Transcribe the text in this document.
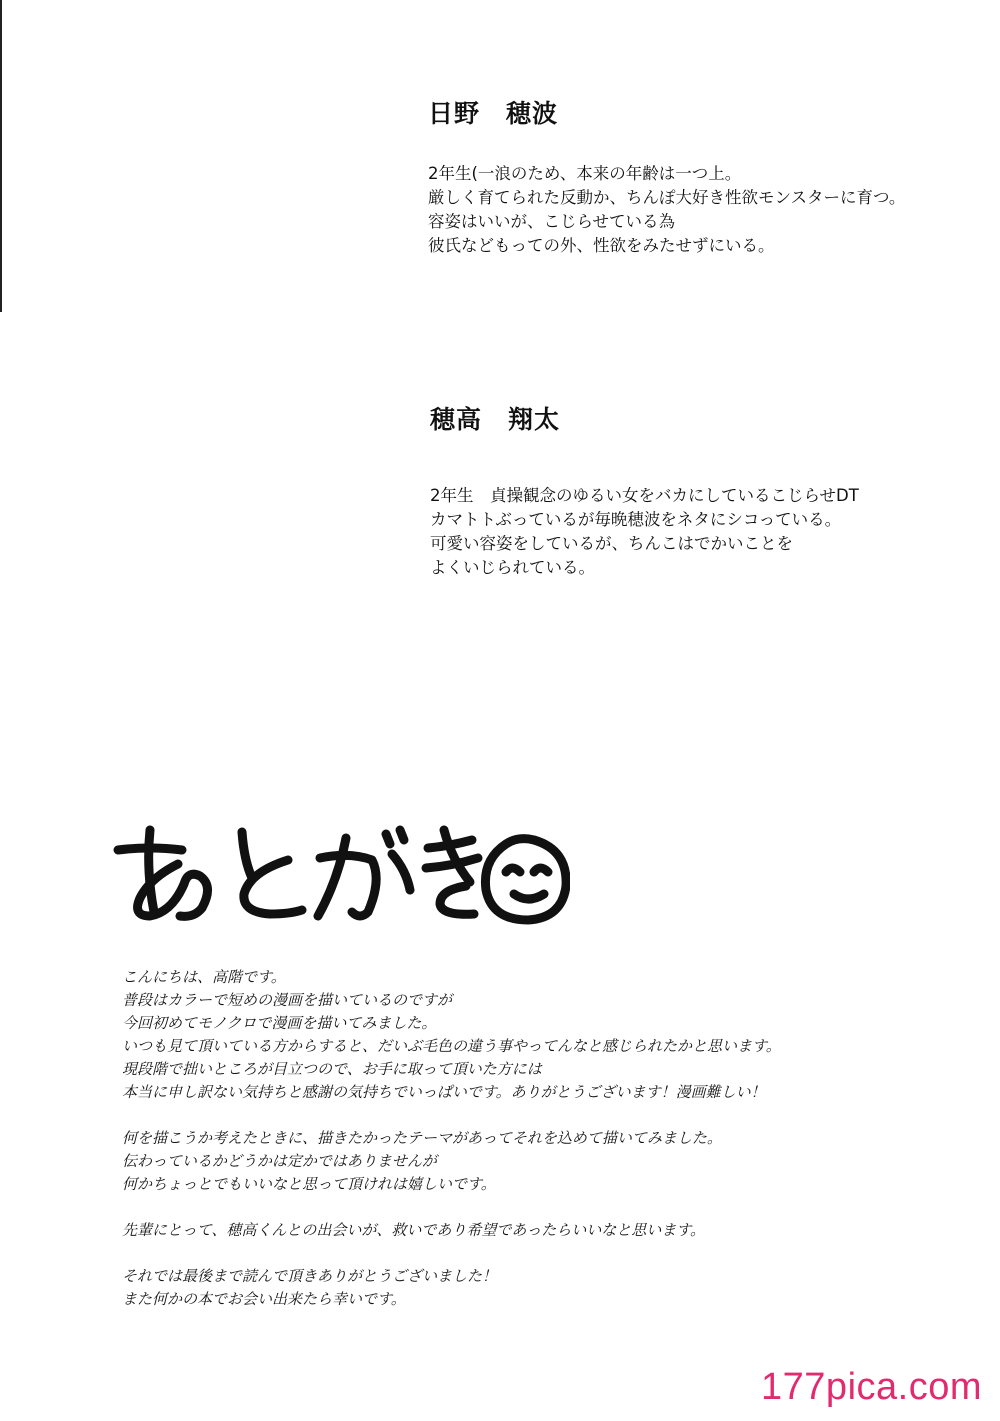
日野　穂波
2年生(一浪のため、本来の年齢は一つ上。
厳しく育てられた反動か、ちんぽ大好き性欲モンスターに育つ。
容姿はいいが、こじらせている為
彼氏などもっての外、性欲をみたせずにいる。
穂高　翔太
2年生　貞操観念のゆるい女をバカにしているこじらせDT
カマトトぶっているが毎晩穂波をネタにシコっている。
可愛い容姿をしているが、ちんこはでかいことを
よくいじられている。
こんにちは、高階です。
普段はカラーで短めの漫画を描いているのですが
今回初めてモノクロで漫画を描いてみました。
いつも見て頂いている方からすると、だいぶ毛色の違う事やってんなと感じられたかと思います。
現段階で拙いところが目立つので、お手に取って頂いた方には
本当に申し訳ない気持ちと感謝の気持ちでいっぱいです。ありがとうございます！漫画難しい！
何を描こうか考えたときに、描きたかったテーマがあってそれを込めて描いてみました。
伝わっているかどうかは定かではありませんが
何かちょっとでもいいなと思って頂けれは嬉しいです。
先輩にとって、穂高くんとの出会いが、救いであり希望であったらいいなと思います。
それでは最後まで読んで頂きありがとうございました！
また何かの本でお会い出来たら幸いです。
177pica.com
